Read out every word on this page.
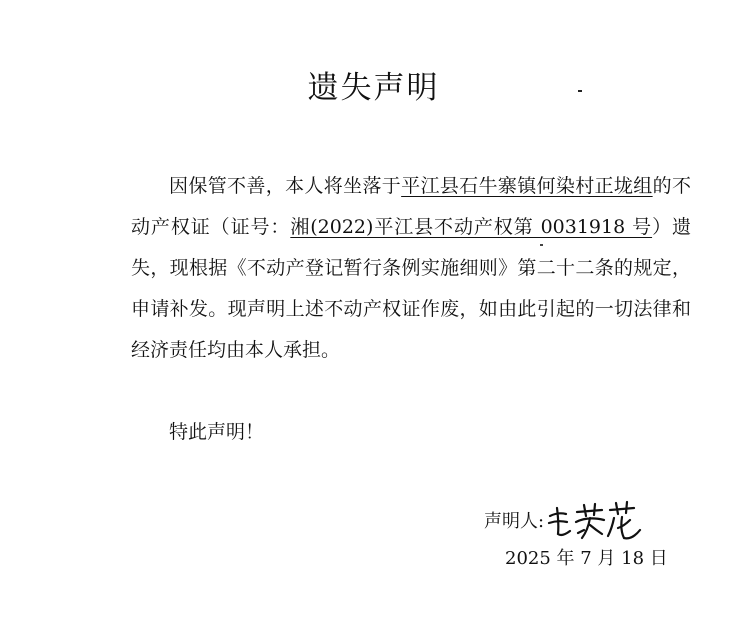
遗失声明

因保管不善，本人将坐落于平江县石牛寨镇何染村正垅组的不动产权证（证号：湘(2022)平江县不动产权第 0031918 号）遗失，现根据《不动产登记暂行条例实施细则》第二十二条的规定，申请补发。现声明上述不动产权证作废，如由此引起的一切法律和经济责任均由本人承担。

特此声明！
声明人:
2025 年 7 月 18 日
